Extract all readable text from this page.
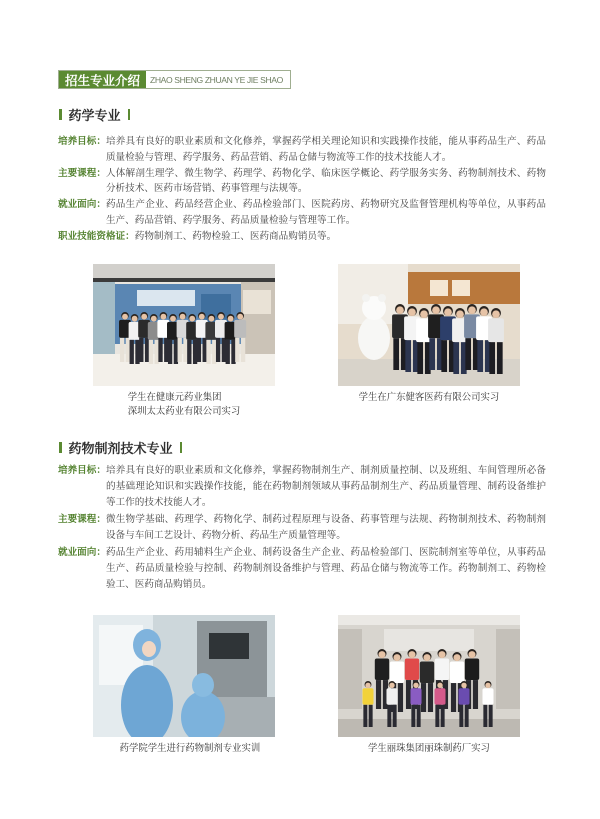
招生专业介绍	ZHAO SHENG ZHUAN YE JIE SHAO
药学专业
培养目标： 培养具有良好的职业素质和文化修养，掌握药学相关理论知识和实践操作技能，能从事药品生产、药品质量检验与管理、药学服务、药品营销、药品仓储与物流等工作的技术技能人才。
主要课程： 人体解剖生理学、微生物学、药理学、药物化学、临床医学概论、药学服务实务、药物制剂技术、药物分析技术、医药市场营销、药事管理与法规等。
就业面向： 药品生产企业、药品经营企业、药品检验部门、医院药房、药物研究及监督管理机构等单位，从事药品生产、药品营销、药学服务、药品质量检验与管理等工作。
职业技能资格证： 药物制剂工、药物检验工、医药商品购销员等。
学生在健康元药业集团
深圳太太药业有限公司实习
学生在广东健客医药有限公司实习
药物制剂技术专业
培养目标： 培养具有良好的职业素质和文化修养，掌握药物制剂生产、制剂质量控制、以及班组、车间管理所必备的基础理论知识和实践操作技能，能在药物制剂领域从事药品制剂生产、药品质量管理、制药设备维护等工作的技术技能人才。
主要课程： 微生物学基础、药理学、药物化学、制药过程原理与设备、药事管理与法规、药物制剂技术、药物制剂设备与车间工艺设计、药物分析、药品生产质量管理等。
就业面向： 药品生产企业、药用辅料生产企业、制药设备生产企业、药品检验部门、医院制剂室等单位，从事药品生产、药品质量检验与控制、药物制剂设备维护与管理、药品仓储与物流等工作。药物制剂工、药物检验工、医药商品购销员。
药学院学生进行药物制剂专业实训	学生丽珠集团丽珠制药厂实习
